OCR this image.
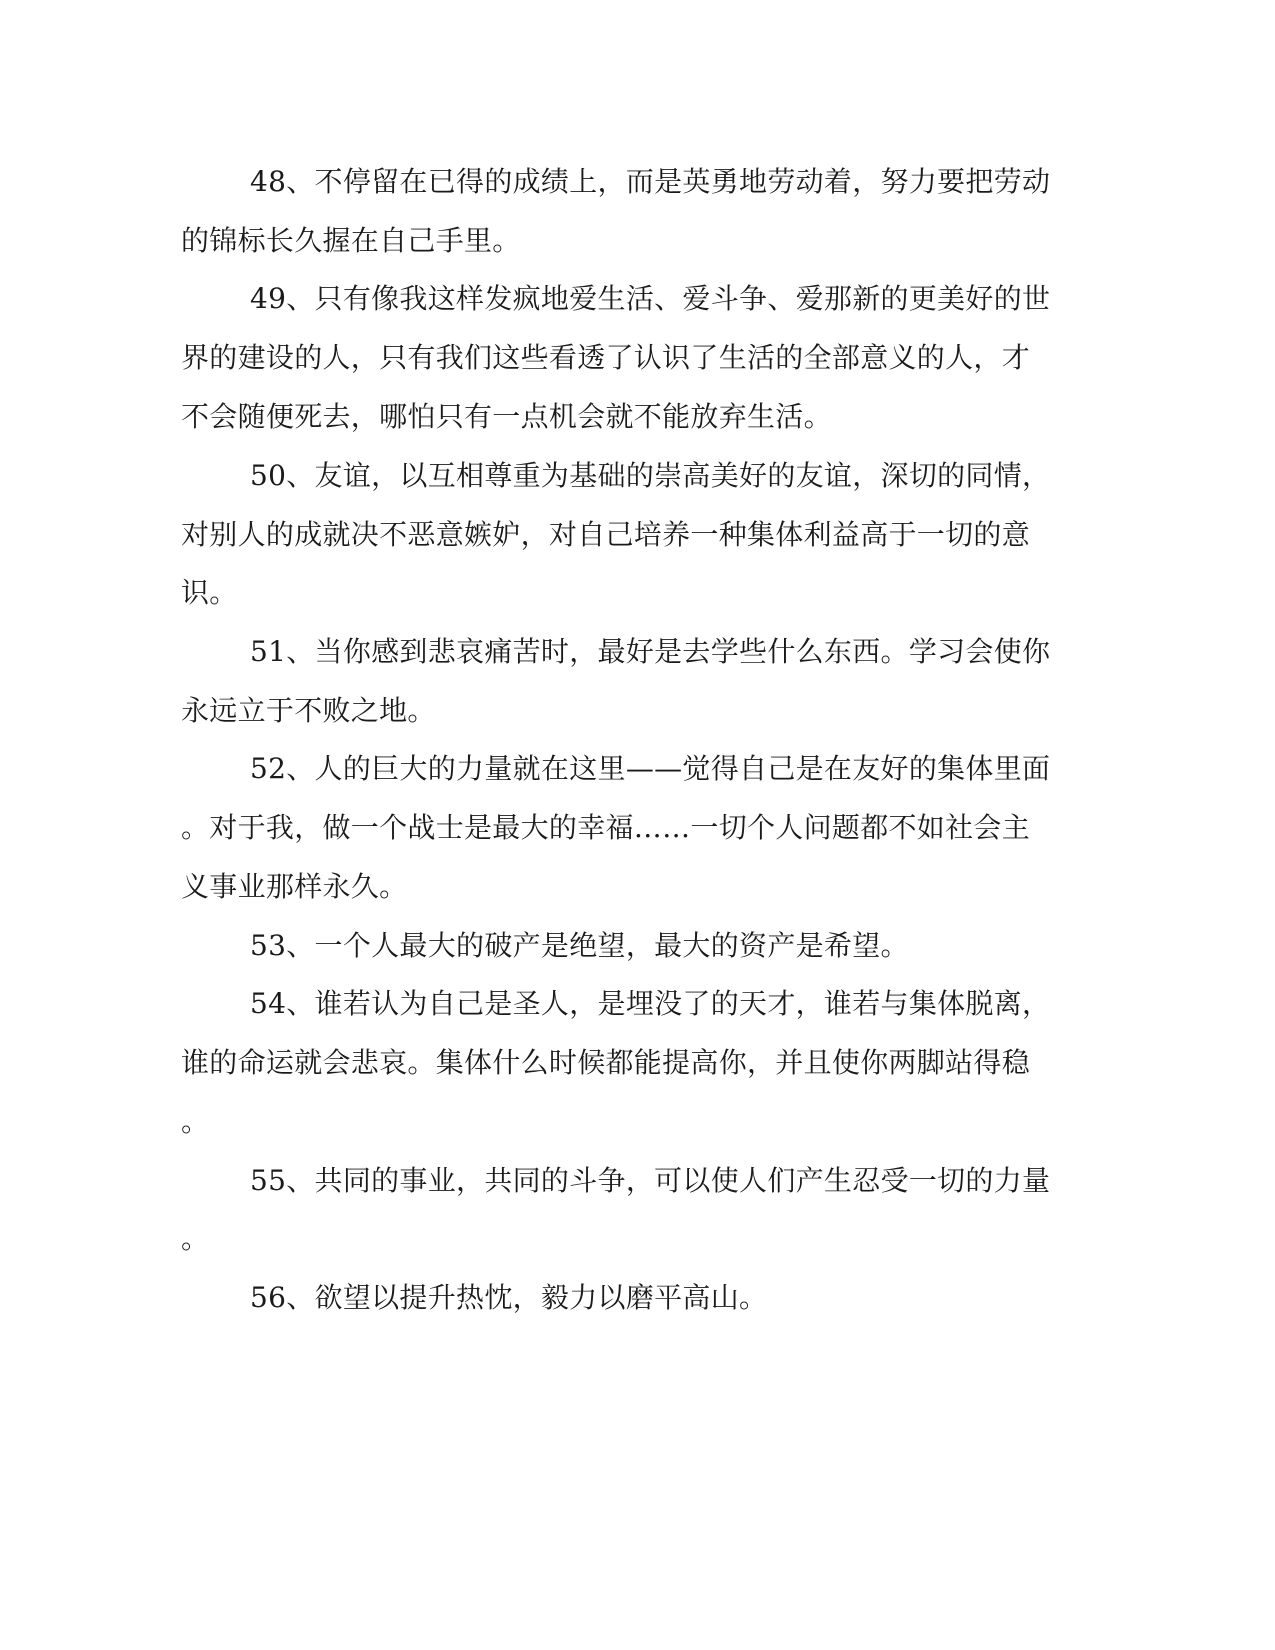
48、不停留在已得的成绩上，而是英勇地劳动着，努力要把劳动
的锦标长久握在自己手里。
49、只有像我这样发疯地爱生活、爱斗争、爱那新的更美好的世
界的建设的人，只有我们这些看透了认识了生活的全部意义的人，才
不会随便死去，哪怕只有一点机会就不能放弃生活。
50、友谊，以互相尊重为基础的崇高美好的友谊，深切的同情，
对别人的成就决不恶意嫉妒，对自己培养一种集体利益高于一切的意
识。
51、当你感到悲哀痛苦时，最好是去学些什么东西。学习会使你
永远立于不败之地。
52、人的巨大的力量就在这里——觉得自己是在友好的集体里面
。对于我，做一个战士是最大的幸福……一切个人问题都不如社会主
义事业那样永久。
53、一个人最大的破产是绝望，最大的资产是希望。
54、谁若认为自己是圣人，是埋没了的天才，谁若与集体脱离，
谁的命运就会悲哀。集体什么时候都能提高你，并且使你两脚站得稳
。
55、共同的事业，共同的斗争，可以使人们产生忍受一切的力量
。
56、欲望以提升热忱，毅力以磨平高山。
